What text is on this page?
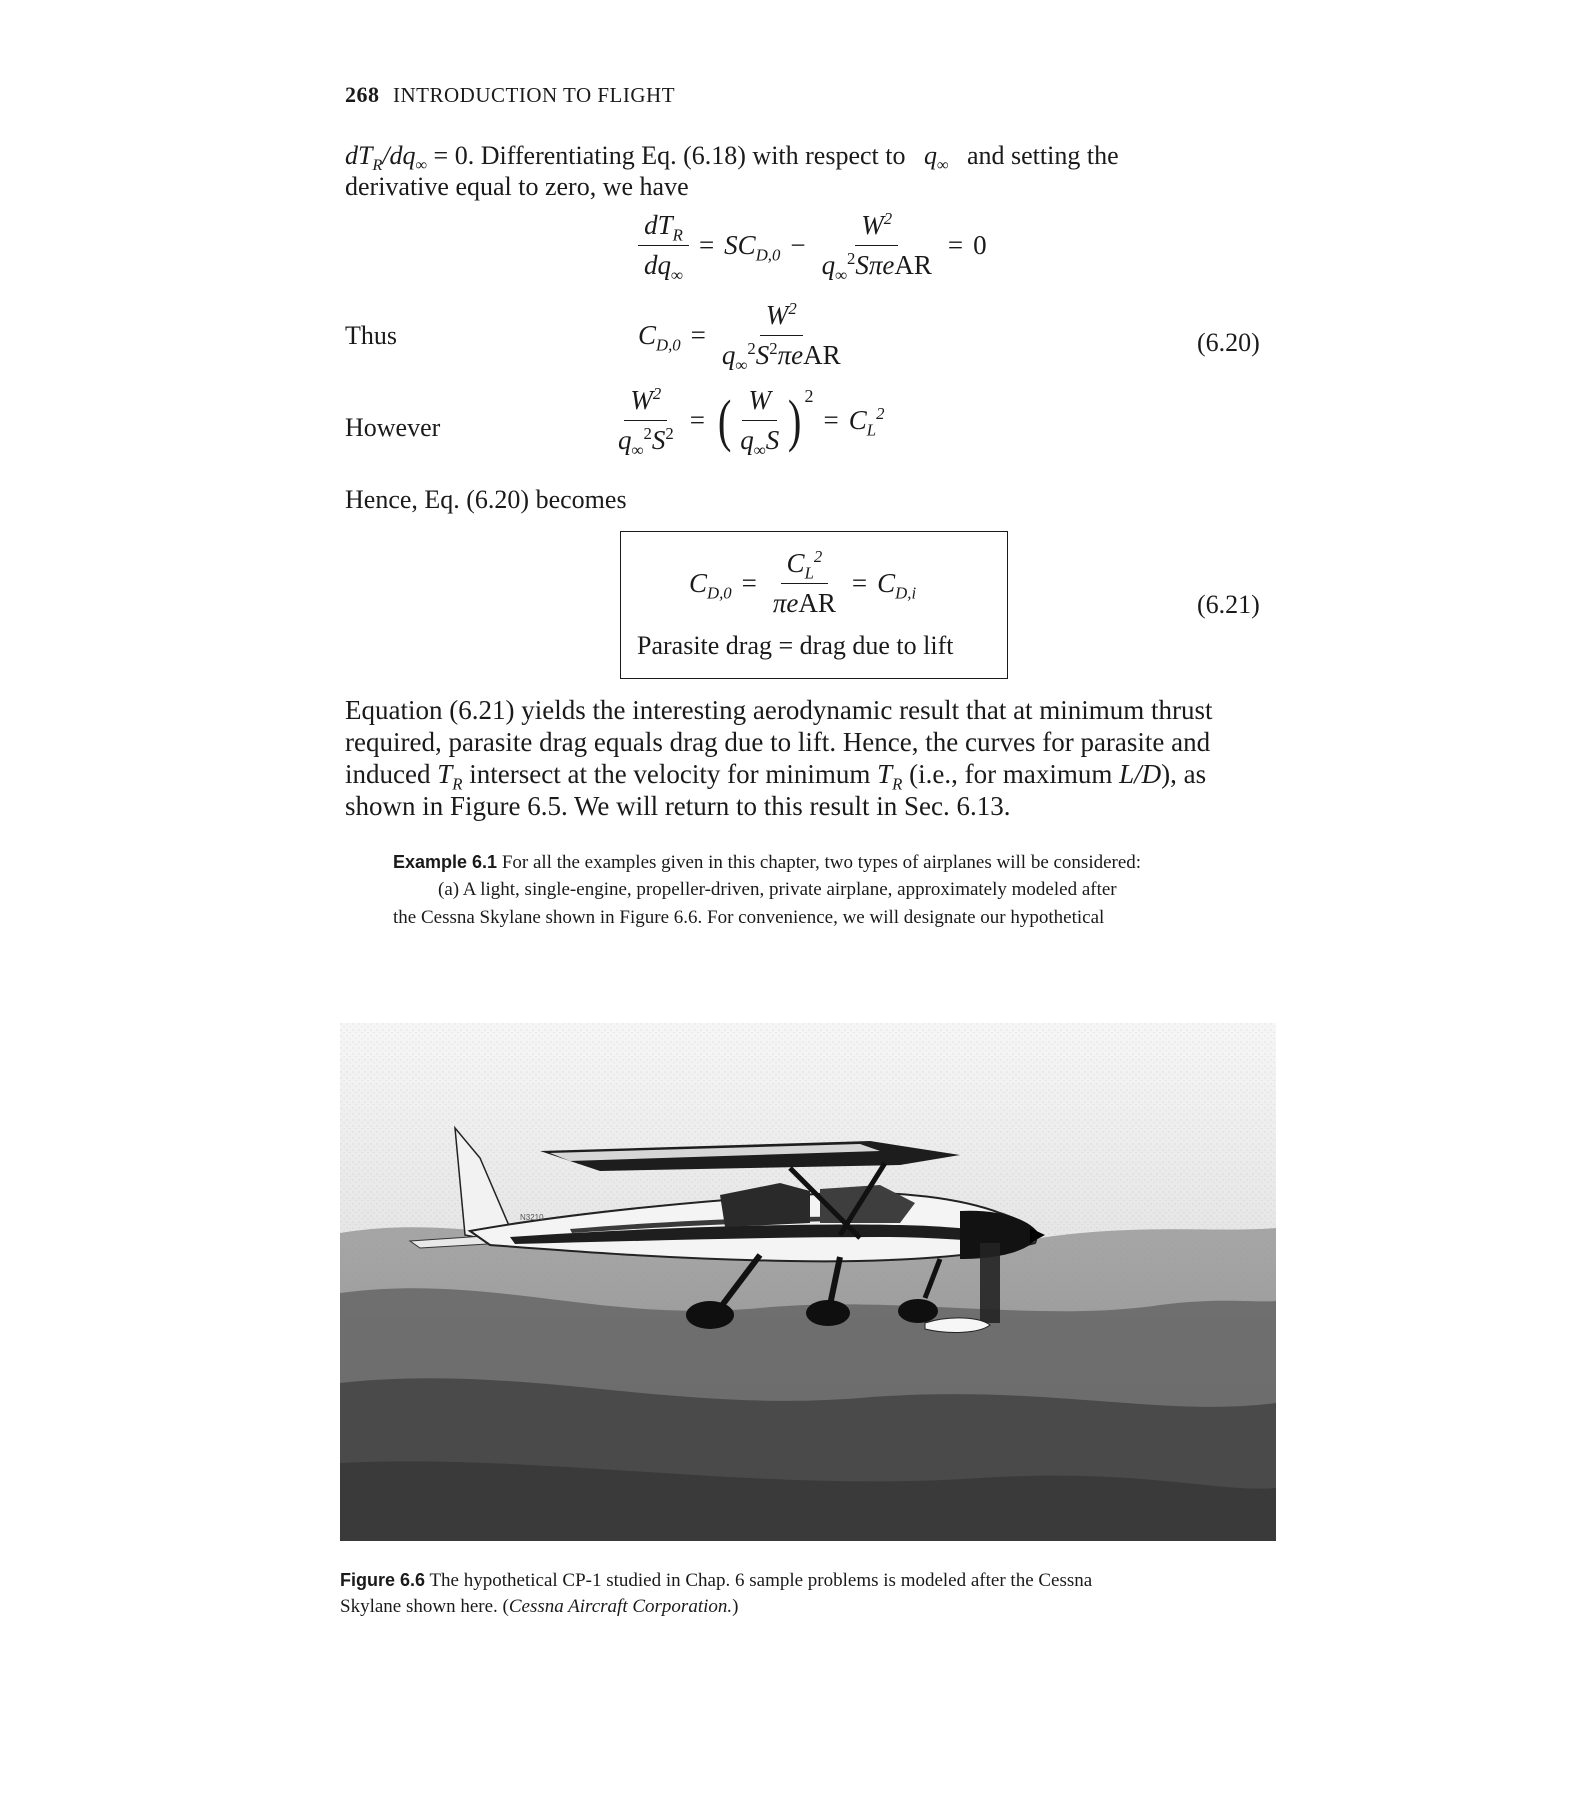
268 INTRODUCTION TO FLIGHT
$dT_R/dq_\infty = 0$. Differentiating Eq. (6.18) with respect to $q_\infty$ and setting the
derivative equal to zero, we have
$\frac{dT_R}{dq_\infty} = SC_{D,0} - \frac{W^2}{q_\infty^2S\pi eAR} = 0$
Thus	$C_{D,0} = \frac{W^2}{q_\infty^2S^2\pi eAR}$	(6.20)
However	$\frac{W^2}{q_\infty^2S^2}$ = ( $\frac{W}{q_\infty S}$ ) 2
= $C_L^2$
Hence, Eq. (6.20) becomes
$C_{D,0} = \frac{C_L^2}{\text{πeAR}} = C_{D,i}$
Parasite drag = drag due to lift
(6.21)
Equation (6.21) yields the interesting aerodynamic result that at minimum thrust
required, parasite drag equals drag due to lift. Hence, the curves for parasite and
induced $T_R$ intersect at the velocity for minimum $T_R$ (i.e., for maximum L/D), as
shown in Figure 6.5. We will return to this result in Sec. 6.13.
Example 6.1 For all the examples given in this chapter, two types of airplanes will be considered:
(a) A light, single-engine, propeller-driven, private airplane, approximately modeled after
the Cessna Skylane shown in Figure 6.6. For convenience, we will designate our hypothetical
N3210
Figure 6.6 The hypothetical CP-1 studied in Chap. 6 sample problems is modeled after the Cessna
Skylane shown here. (Cessna Aircraft Corporation.)
